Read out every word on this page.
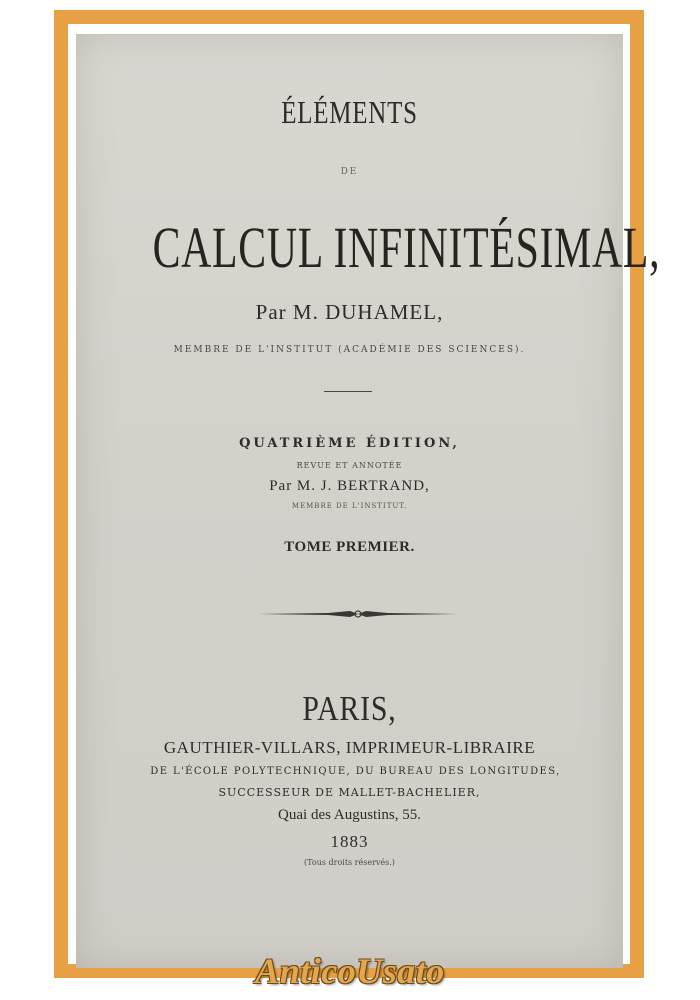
ÉLÉMENTS
DE
CALCUL INFINITÉSIMAL,
Par M. DUHAMEL,
MEMBRE DE L'INSTITUT (ACADÉMIE DES SCIENCES).
QUATRIÈME ÉDITION,
REVUE ET ANNOTÉE
Par M. J. BERTRAND,
MEMBRE DE L'INSTITUT.
TOME PREMIER.
PARIS,
GAUTHIER-VILLARS, IMPRIMEUR-LIBRAIRE
DE L'ÉCOLE POLYTECHNIQUE, DU BUREAU DES LONGITUDES,
SUCCESSEUR DE MALLET-BACHELIER,
Quai des Augustins, 55.
1883
(Tous droits réservés.)
AnticoUsato
